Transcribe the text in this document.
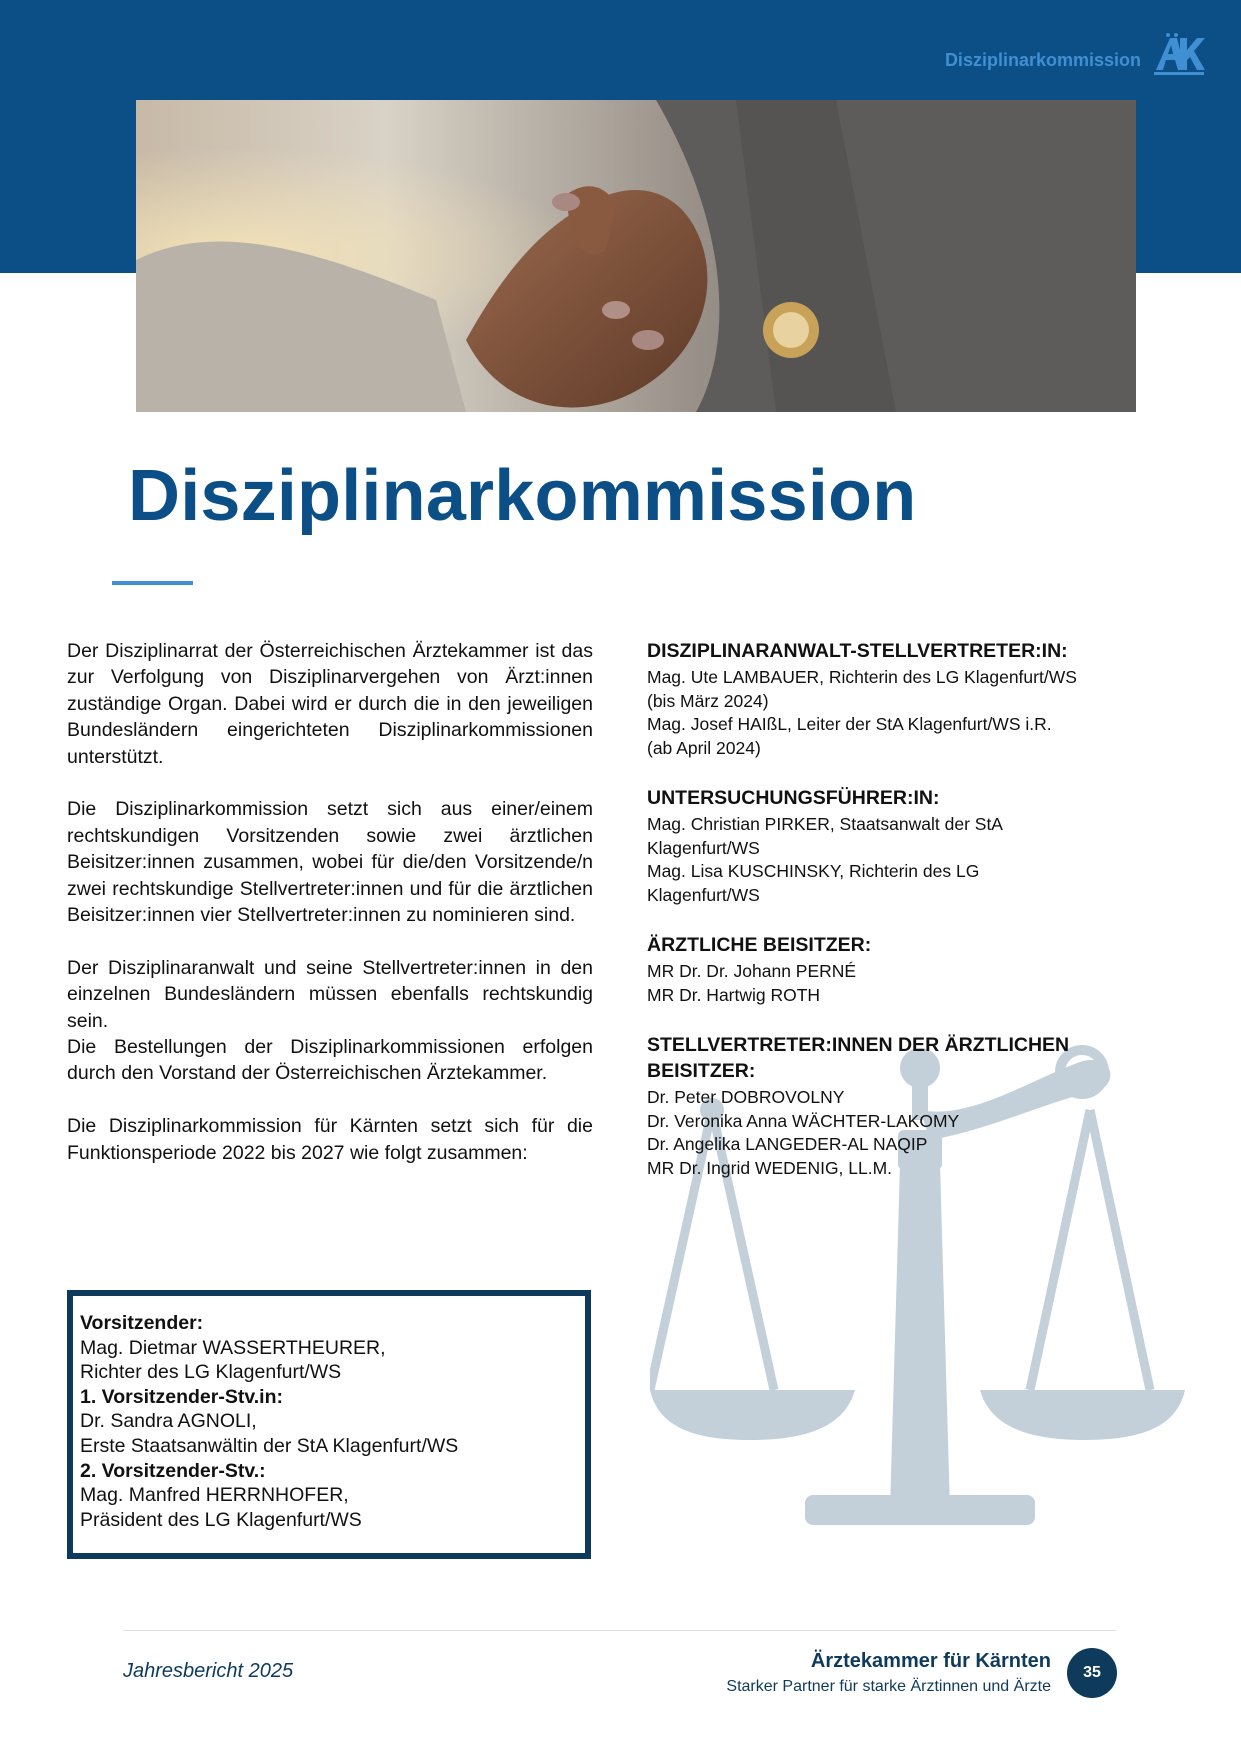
Disziplinarkommission
Disziplinarkommission

Der Disziplinarrat der Österreichischen Ärztekammer ist das zur Verfolgung von Disziplinarvergehen von Ärzt:innen zuständige Organ. Dabei wird er durch die in den jeweiligen Bundesländern eingerichteten Disziplinarkommissionen unterstützt.

Die Disziplinarkommission setzt sich aus einer/einem rechtskundigen Vorsitzenden sowie zwei ärztlichen Beisitzer:innen zusammen, wobei für die/den Vorsitzende/n zwei rechtskundige Stellvertreter:innen und für die ärztlichen Beisitzer:innen vier Stellvertreter:innen zu nominieren sind.

Der Disziplinaranwalt und seine Stellvertreter:innen in den einzelnen Bundesländern müssen ebenfalls rechtskundig sein.

Die Bestellungen der Disziplinarkommissionen erfolgen durch den Vorstand der Österreichischen Ärztekammer.

Die Disziplinarkommission für Kärnten setzt sich für die Funktionsperiode 2022 bis 2027 wie folgt zusammen:

Vorsitzender:
Mag. Dietmar WASSERTHEURER,
Richter des LG Klagenfurt/WS
1. Vorsitzender-Stv.in:
Dr. Sandra AGNOLI,
Erste Staatsanwältin der StA Klagenfurt/WS
2. Vorsitzender-Stv.:
Mag. Manfred HERRNHOFER,
Präsident des LG Klagenfurt/WS
DISZIPLINARANWALT-STELLVERTRETER:IN:
Mag. Ute LAMBAUER, Richterin des LG Klagenfurt/WS
(bis März 2024)
Mag. Josef HAIßL, Leiter der StA Klagenfurt/WS i.R.
(ab April 2024)
UNTERSUCHUNGSFÜHRER:IN:
Mag. Christian PIRKER, Staatsanwalt der StA
Klagenfurt/WS
Mag. Lisa KUSCHINSKY, Richterin des LG
Klagenfurt/WS
ÄRZTLICHE BEISITZER:
MR Dr. Dr. Johann PERNÉ
MR Dr. Hartwig ROTH
STELLVERTRETER:INNEN DER ÄRZTLICHEN
BEISITZER:
Dr. Peter DOBROVOLNY
Dr. Veronika Anna WÄCHTER-LAKOMY
Dr. Angelika LANGEDER-AL NAQIP
MR Dr. Ingrid WEDENIG, LL.M.
Jahresbericht 2025	Ärztekammer für Kärnten
Starker Partner für starke Ärztinnen und Ärzte
35
